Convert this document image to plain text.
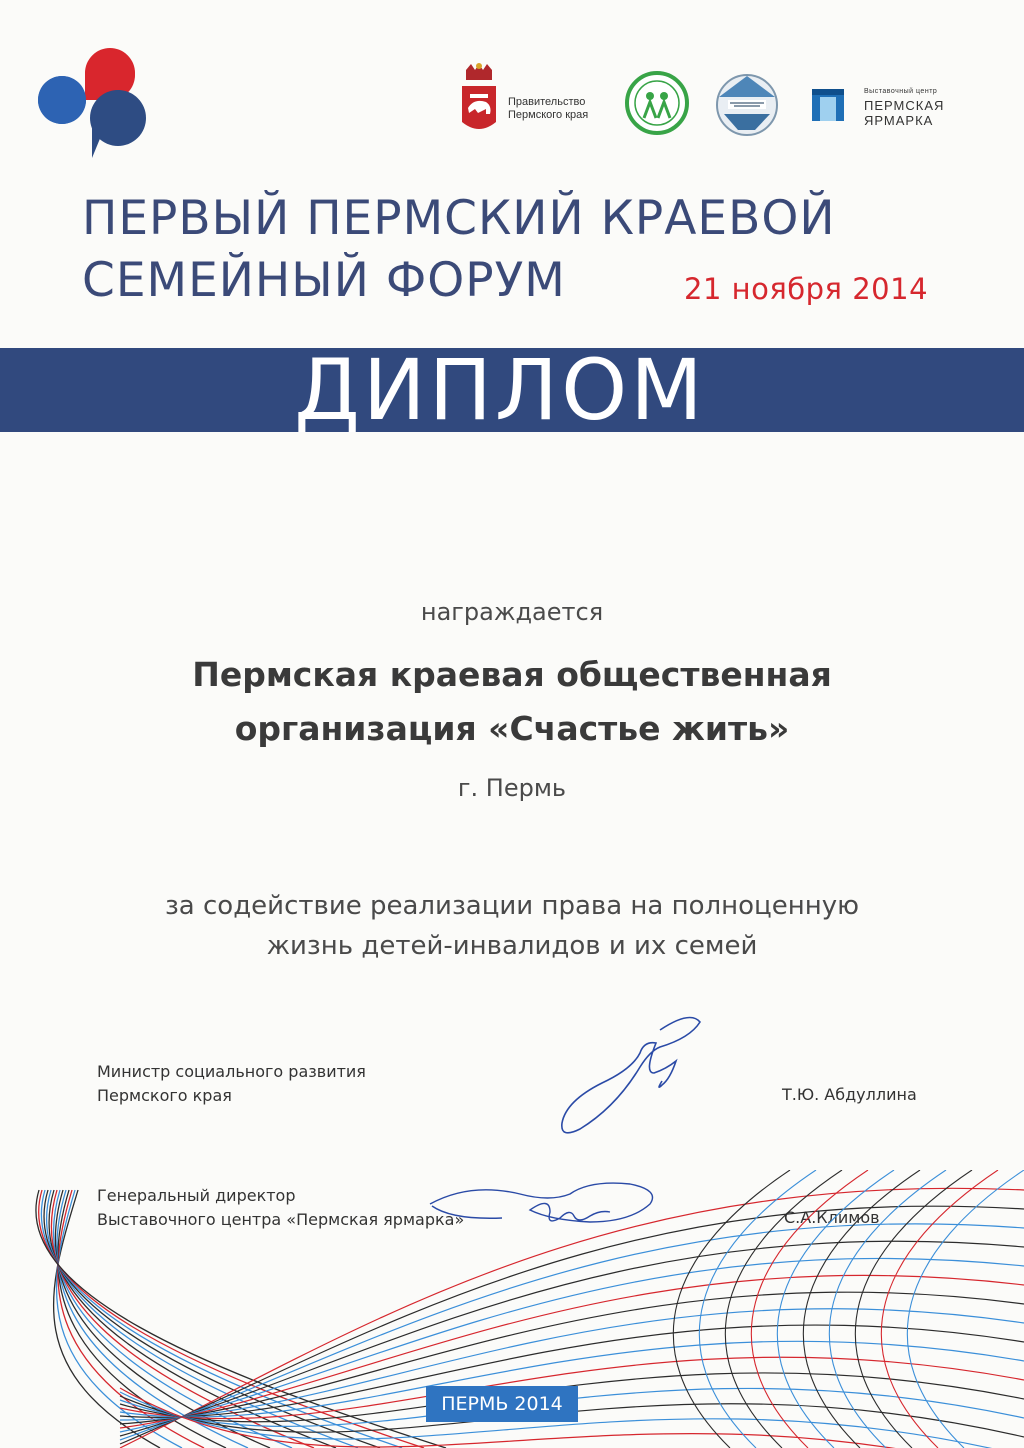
Правительство
Пермского края
Выставочный центр
ПЕРМСКАЯ
ЯРМАРКА
ПЕРВЫЙ ПЕРМСКИЙ КРАЕВОЙ
СЕМЕЙНЫЙ ФОРУМ	21 ноября 2014
ДИПЛОМ
награждается
Пермская краевая общественная
организация «Счастье жить»
г. Пермь
за содействие реализации права на полноценную
жизнь детей-инвалидов и их семей
Министр социального развития
Пермского края	Т.Ю. Абдуллина
Генеральный директор
Выставочного центра «Пермская ярмарка»	С.А.Климов
ПЕРМЬ 2014
